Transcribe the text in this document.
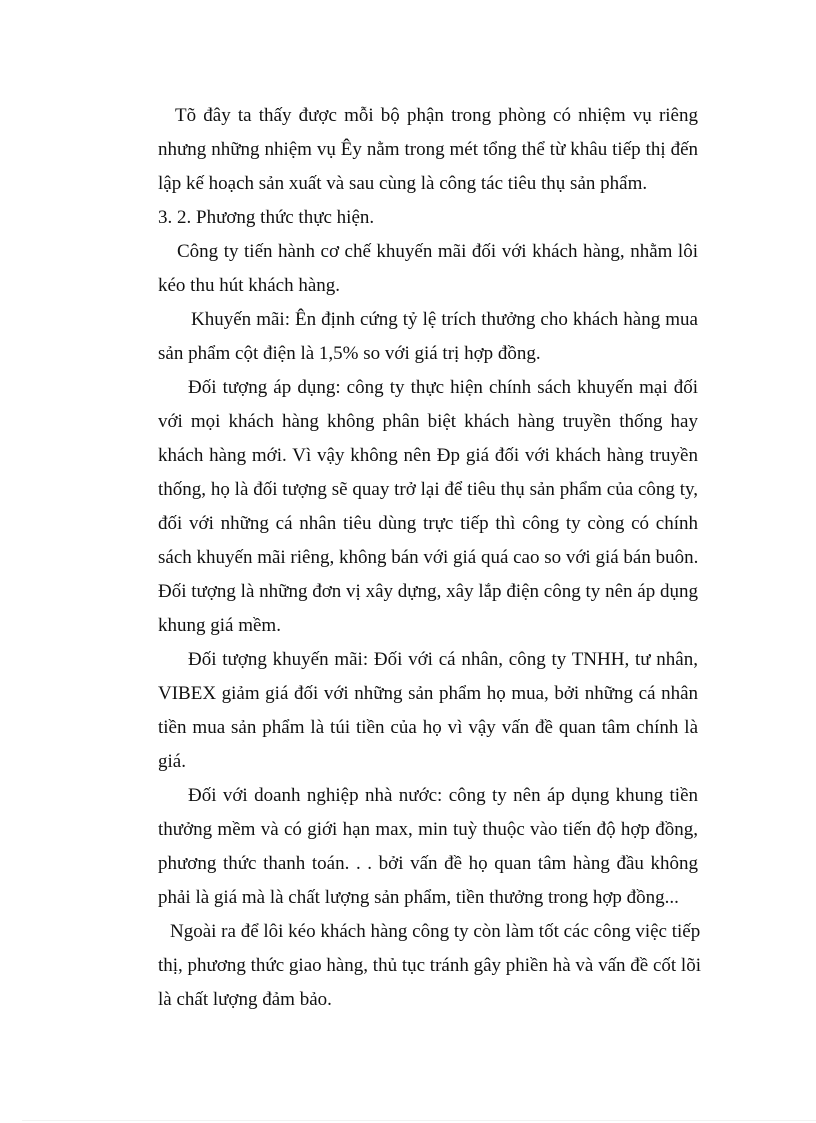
Tõ đây ta thấy được mỗi bộ phận trong phòng có nhiệm vụ riêng
nhưng những nhiệm vụ Êy nằm trong mét tổng thể từ khâu tiếp thị đến
lập kế hoạch sản xuất và sau cùng là công tác tiêu thụ sản phẩm.
3. 2. Phương thức thực hiện.
Công ty tiến hành cơ chế khuyến mãi đối với khách hàng, nhằm lôi
kéo thu hút khách hàng.
Khuyến mãi: Ên định cứng tỷ lệ trích thưởng cho khách hàng mua
sản phẩm cột điện là 1,5% so với giá trị hợp đồng.
Đối tượng áp dụng: công ty thực hiện chính sách khuyến mại đối
với mọi khách hàng không phân biệt khách hàng truyền thống hay
khách hàng mới. Vì vậy không nên Đp giá đối với khách hàng truyền
thống, họ là đối tượng sẽ quay trở lại để tiêu thụ sản phẩm của công ty,
đối với những cá nhân tiêu dùng trực tiếp thì công ty còng có chính
sách khuyến mãi riêng, không bán với giá quá cao so với giá bán buôn.
Đối tượng là những đơn vị xây dựng, xây lắp điện công ty nên áp dụng
khung giá mềm.
Đối tượng khuyến mãi: Đối với cá nhân, công ty TNHH, tư nhân,
VIBEX giảm giá đối với những sản phẩm họ mua, bởi những cá nhân
tiền mua sản phẩm là túi tiền của họ vì vậy vấn đề quan tâm chính là
giá.
Đối với doanh nghiệp nhà nước: công ty nên áp dụng khung tiền
thưởng mềm và có giới hạn max, min tuỳ thuộc vào tiến độ hợp đồng,
phương thức thanh toán. . . bởi vấn đề họ quan tâm hàng đầu không
phải là giá mà là chất lượng sản phẩm, tiền thưởng trong hợp đồng...
Ngoài ra để lôi kéo khách hàng công ty còn làm tốt các công việc tiếp
thị, phương thức giao hàng, thủ tục tránh gây phiền hà và vấn đề cốt lõi
là chất lượng đảm bảo.
